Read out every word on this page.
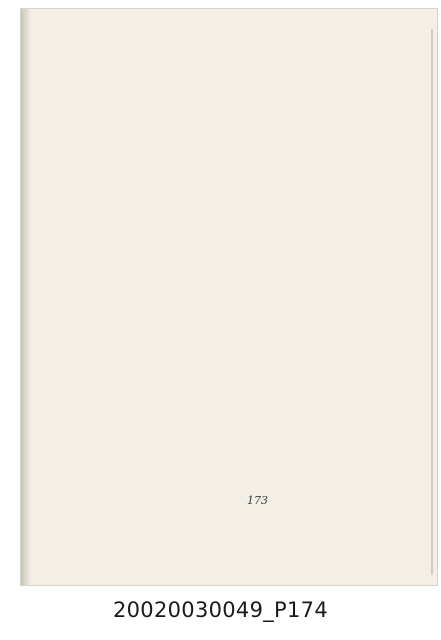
173
20020030049_P174
